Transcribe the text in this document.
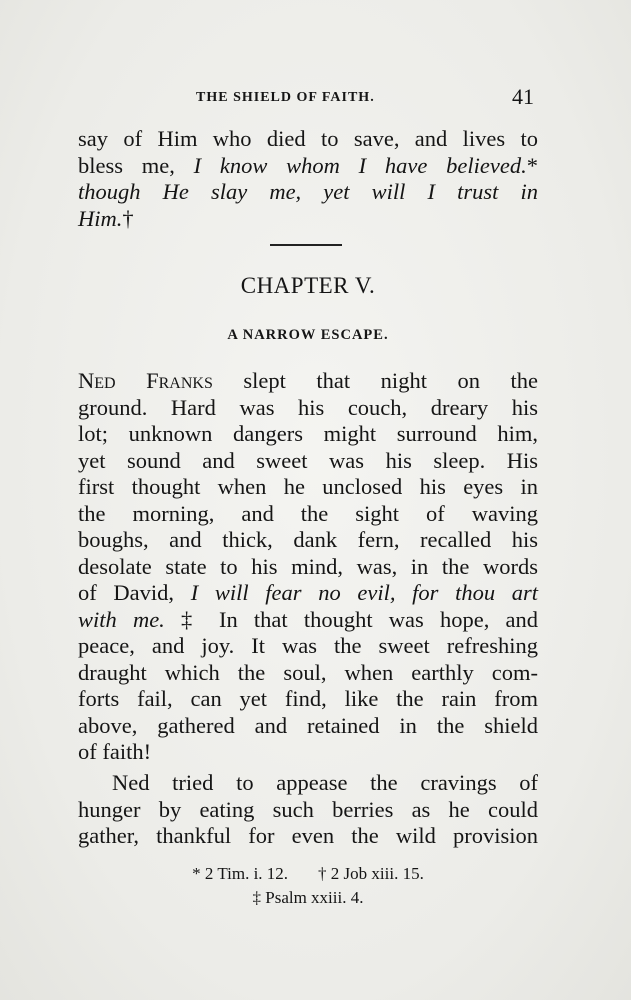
THE SHIELD OF FAITH.	41
say of Him who died to save, and lives to
bless me, I know whom I have believed.*
though He slay me, yet will I trust in
Him.†
CHAPTER V.
A NARROW ESCAPE.
Ned Franks slept that night on the
ground. Hard was his couch, dreary his
lot; unknown dangers might surround him,
yet sound and sweet was his sleep. His
first thought when he unclosed his eyes in
the morning, and the sight of waving
boughs, and thick, dank fern, recalled his
desolate state to his mind, was, in the words
of David, I will fear no evil, for thou art
with me. ‡ In that thought was hope, and
peace, and joy. It was the sweet refreshing
draught which the soul, when earthly com-
forts fail, can yet find, like the rain from
above, gathered and retained in the shield
of faith!
Ned tried to appease the cravings of
hunger by eating such berries as he could
gather, thankful for even the wild provision
* 2 Tim. i. 12. † 2 Job xiii. 15.
‡ Psalm xxiii. 4.
